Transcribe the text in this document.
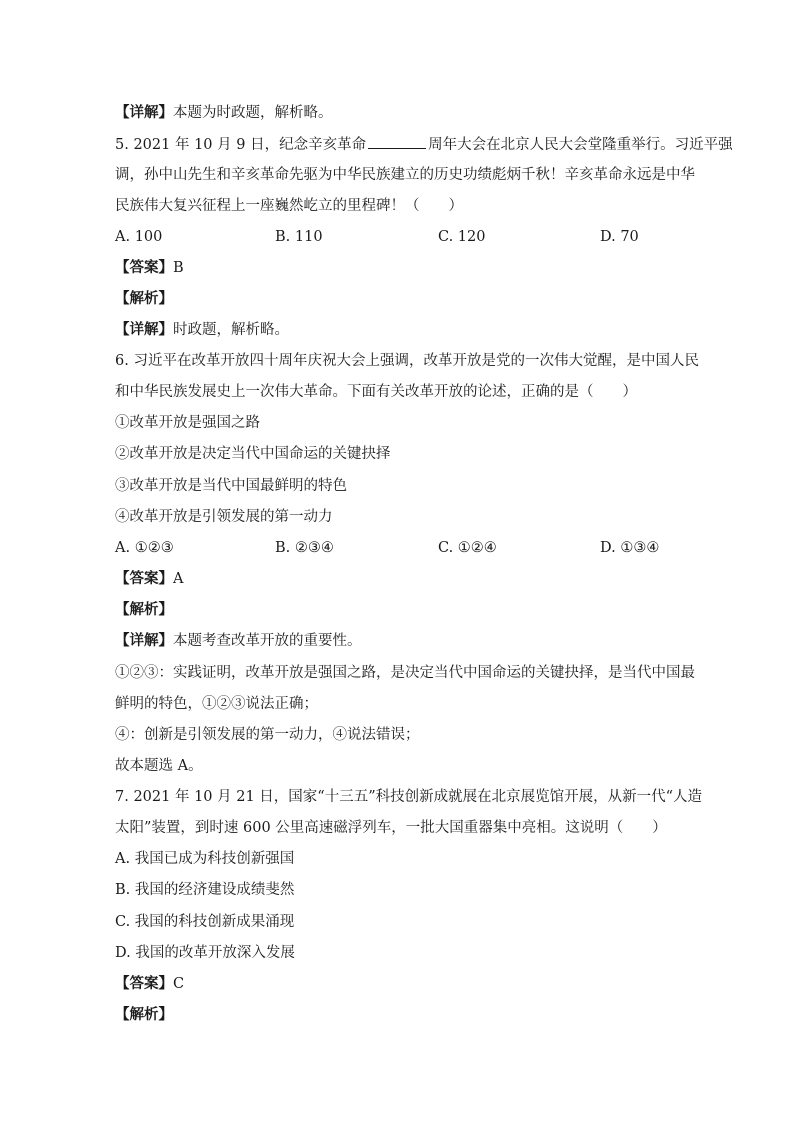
【详解】本题为时政题，解析略。
5. 2021 年 10 月 9 日，纪念辛亥革命	周年大会在北京人民大会堂隆重举行。习近平强
调，孙中山先生和辛亥革命先驱为中华民族建立的历史功绩彪炳千秋！辛亥革命永远是中华
民族伟大复兴征程上一座巍然屹立的里程碑！（　　）
A. 100	B. 110	C. 120	D. 70
【答案】B
【解析】
【详解】时政题，解析略。
6. 习近平在改革开放四十周年庆祝大会上强调，改革开放是党的一次伟大觉醒，是中国人民
和中华民族发展史上一次伟大革命。下面有关改革开放的论述，正确的是（　　）
①改革开放是强国之路
②改革开放是决定当代中国命运的关键抉择
③改革开放是当代中国最鲜明的特色
④改革开放是引领发展的第一动力
A. ①②③	B. ②③④	C. ①②④	D. ①③④
【答案】A
【解析】
【详解】本题考查改革开放的重要性。
①②③：实践证明，改革开放是强国之路，是决定当代中国命运的关键抉择，是当代中国最
鲜明的特色，①②③说法正确；
④：创新是引领发展的第一动力，④说法错误；
故本题选 A。
7. 2021 年 10 月 21 日，国家“十三五”科技创新成就展在北京展览馆开展，从新一代“人造
太阳”装置，到时速 600 公里高速磁浮列车，一批大国重器集中亮相。这说明（　　）
A. 我国已成为科技创新强国
B. 我国的经济建设成绩斐然
C. 我国的科技创新成果涌现
D. 我国的改革开放深入发展
【答案】C
【解析】
